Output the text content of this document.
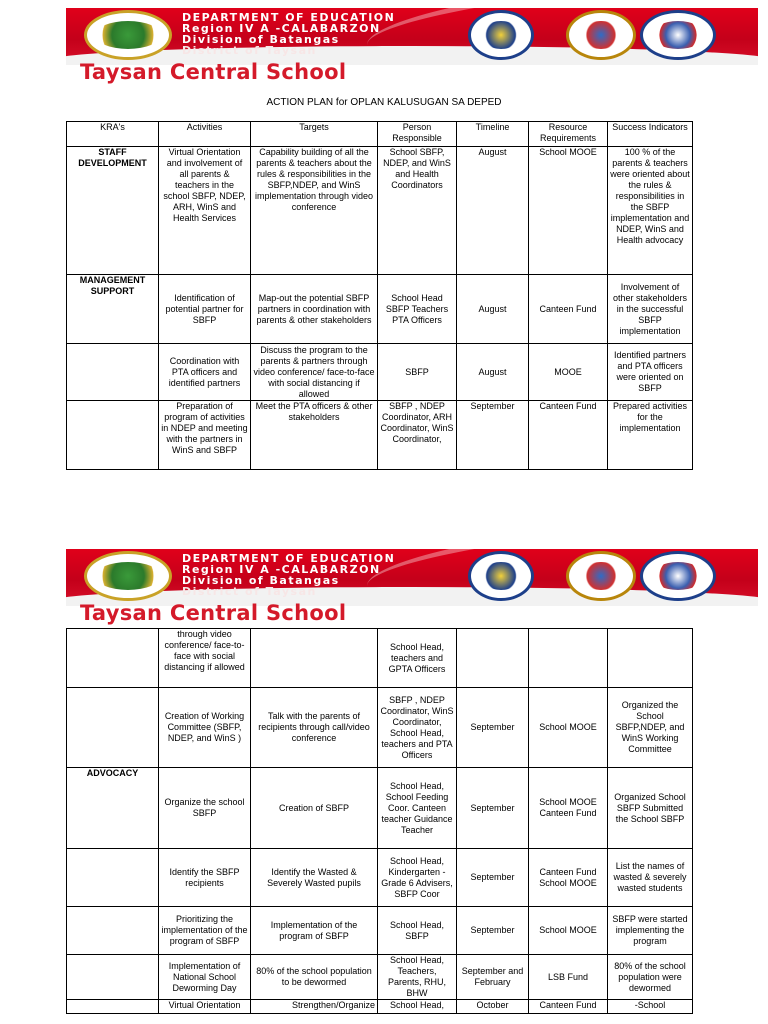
DEPARTMENT OF EDUCATION
Region IV A -CALABARZON
Division of Batangas
District of Taysan
Taysan Central School
ACTION PLAN for OPLAN KALUSUGAN SA DEPED
KRA's	Activities	Targets	Person Responsible	Timeline	Resource Requirements	Success Indicators
STAFF DEVELOPMENT	Virtual Orientation and involvement of all parents & teachers in the school SBFP, NDEP, ARH, WinS and Health Services	Capability building of all the parents & teachers about the rules & responsibilities in the SBFP,NDEP, and WinS implementation through video conference	School SBFP, NDEP, and WinS and Health Coordinators	August	School MOOE	100 % of the parents & teachers were oriented about the rules & responsibilities in the SBFP implementation and NDEP, WinS and Health advocacy
MANAGEMENT SUPPORT	Identification of potential partner for SBFP	Map-out the potential SBFP partners in coordination with parents & other stakeholders	School Head SBFP Teachers PTA Officers	August	Canteen Fund	Involvement of other stakeholders in the successful SBFP implementation
	Coordination with PTA officers and identified partners	Discuss the program to the parents & partners through video conference/ face-to-face with social distancing if allowed	SBFP	August	MOOE	Identified partners and PTA officers were oriented on SBFP
	Preparation of program of activities in NDEP and meeting with the partners in WinS and SBFP	Meet the PTA officers & other stakeholders	SBFP , NDEP Coordinator, ARH Coordinator, WinS Coordinator,	September	Canteen Fund	Prepared activities for the implementation
DEPARTMENT OF EDUCATION
Region IV A -CALABARZON
Division of Batangas
District of Taysan
Taysan Central School
	through video conference/ face-to-face with social distancing if allowed		School Head, teachers and GPTA Officers			
	Creation of Working Committee (SBFP, NDEP, and WinS )	Talk with the parents of recipients through call/video conference	SBFP , NDEP Coordinator, WinS Coordinator, School Head, teachers and PTA Officers	September	School MOOE	Organized the School SBFP,NDEP, and WinS Working Committee
ADVOCACY	Organize the school SBFP	Creation of SBFP	School Head, School Feeding Coor. Canteen teacher Guidance Teacher	September	School MOOE Canteen Fund	Organized School SBFP Submitted the School SBFP
	Identify the SBFP recipients	Identify the Wasted & Severely Wasted pupils	School Head, Kindergarten - Grade 6 Advisers, SBFP Coor	September	Canteen Fund School MOOE	List the names of wasted & severely wasted students
	Prioritizing the implementation of the program of SBFP	Implementation of the program of SBFP	School Head, SBFP	September	School MOOE	SBFP were started implementing the program
	Implementation of National School Deworming Day	80% of the school population to be dewormed	School Head, Teachers, Parents, RHU, BHW	September and February	LSB Fund	80% of the school population were dewormed
	Virtual Orientation	Strengthen/Organize	School Head,	October	Canteen Fund	-School
